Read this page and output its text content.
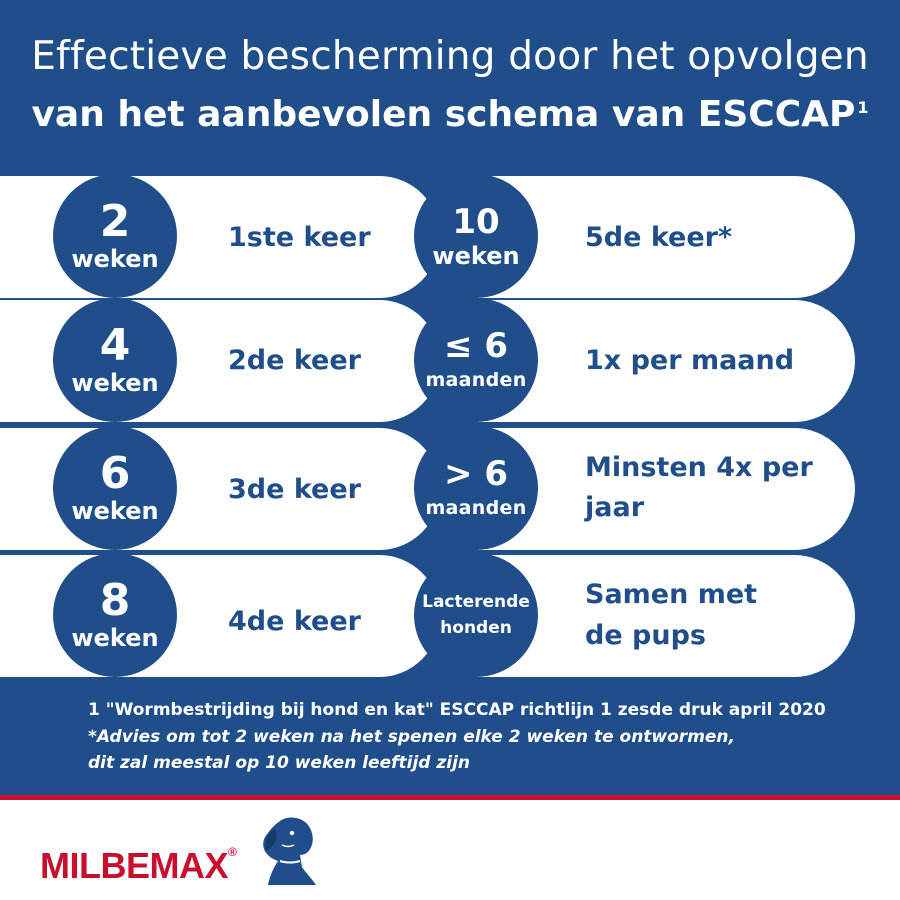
Effectieve bescherming door het opvolgen
van het aanbevolen schema van ESCCAP $^1$
2
weken
4
weken
6
weken
8
weken
1ste keer
2de keer
3de keer
4de keer
10
weken
≤ 6
maanden
> 6
maanden
Lacterende
honden
5de keer*
1x per maand
Minsten 4x per
jaar
Samen met
de pups
1 "Wormbestrijding bij hond en kat" ESCCAP richtlijn 1 zesde druk april 2020
*Advies om tot 2 weken na het spenen elke 2 weken te ontwormen,
dit zal meestal op 10 weken leeftijd zijn
MILBEMAX®
